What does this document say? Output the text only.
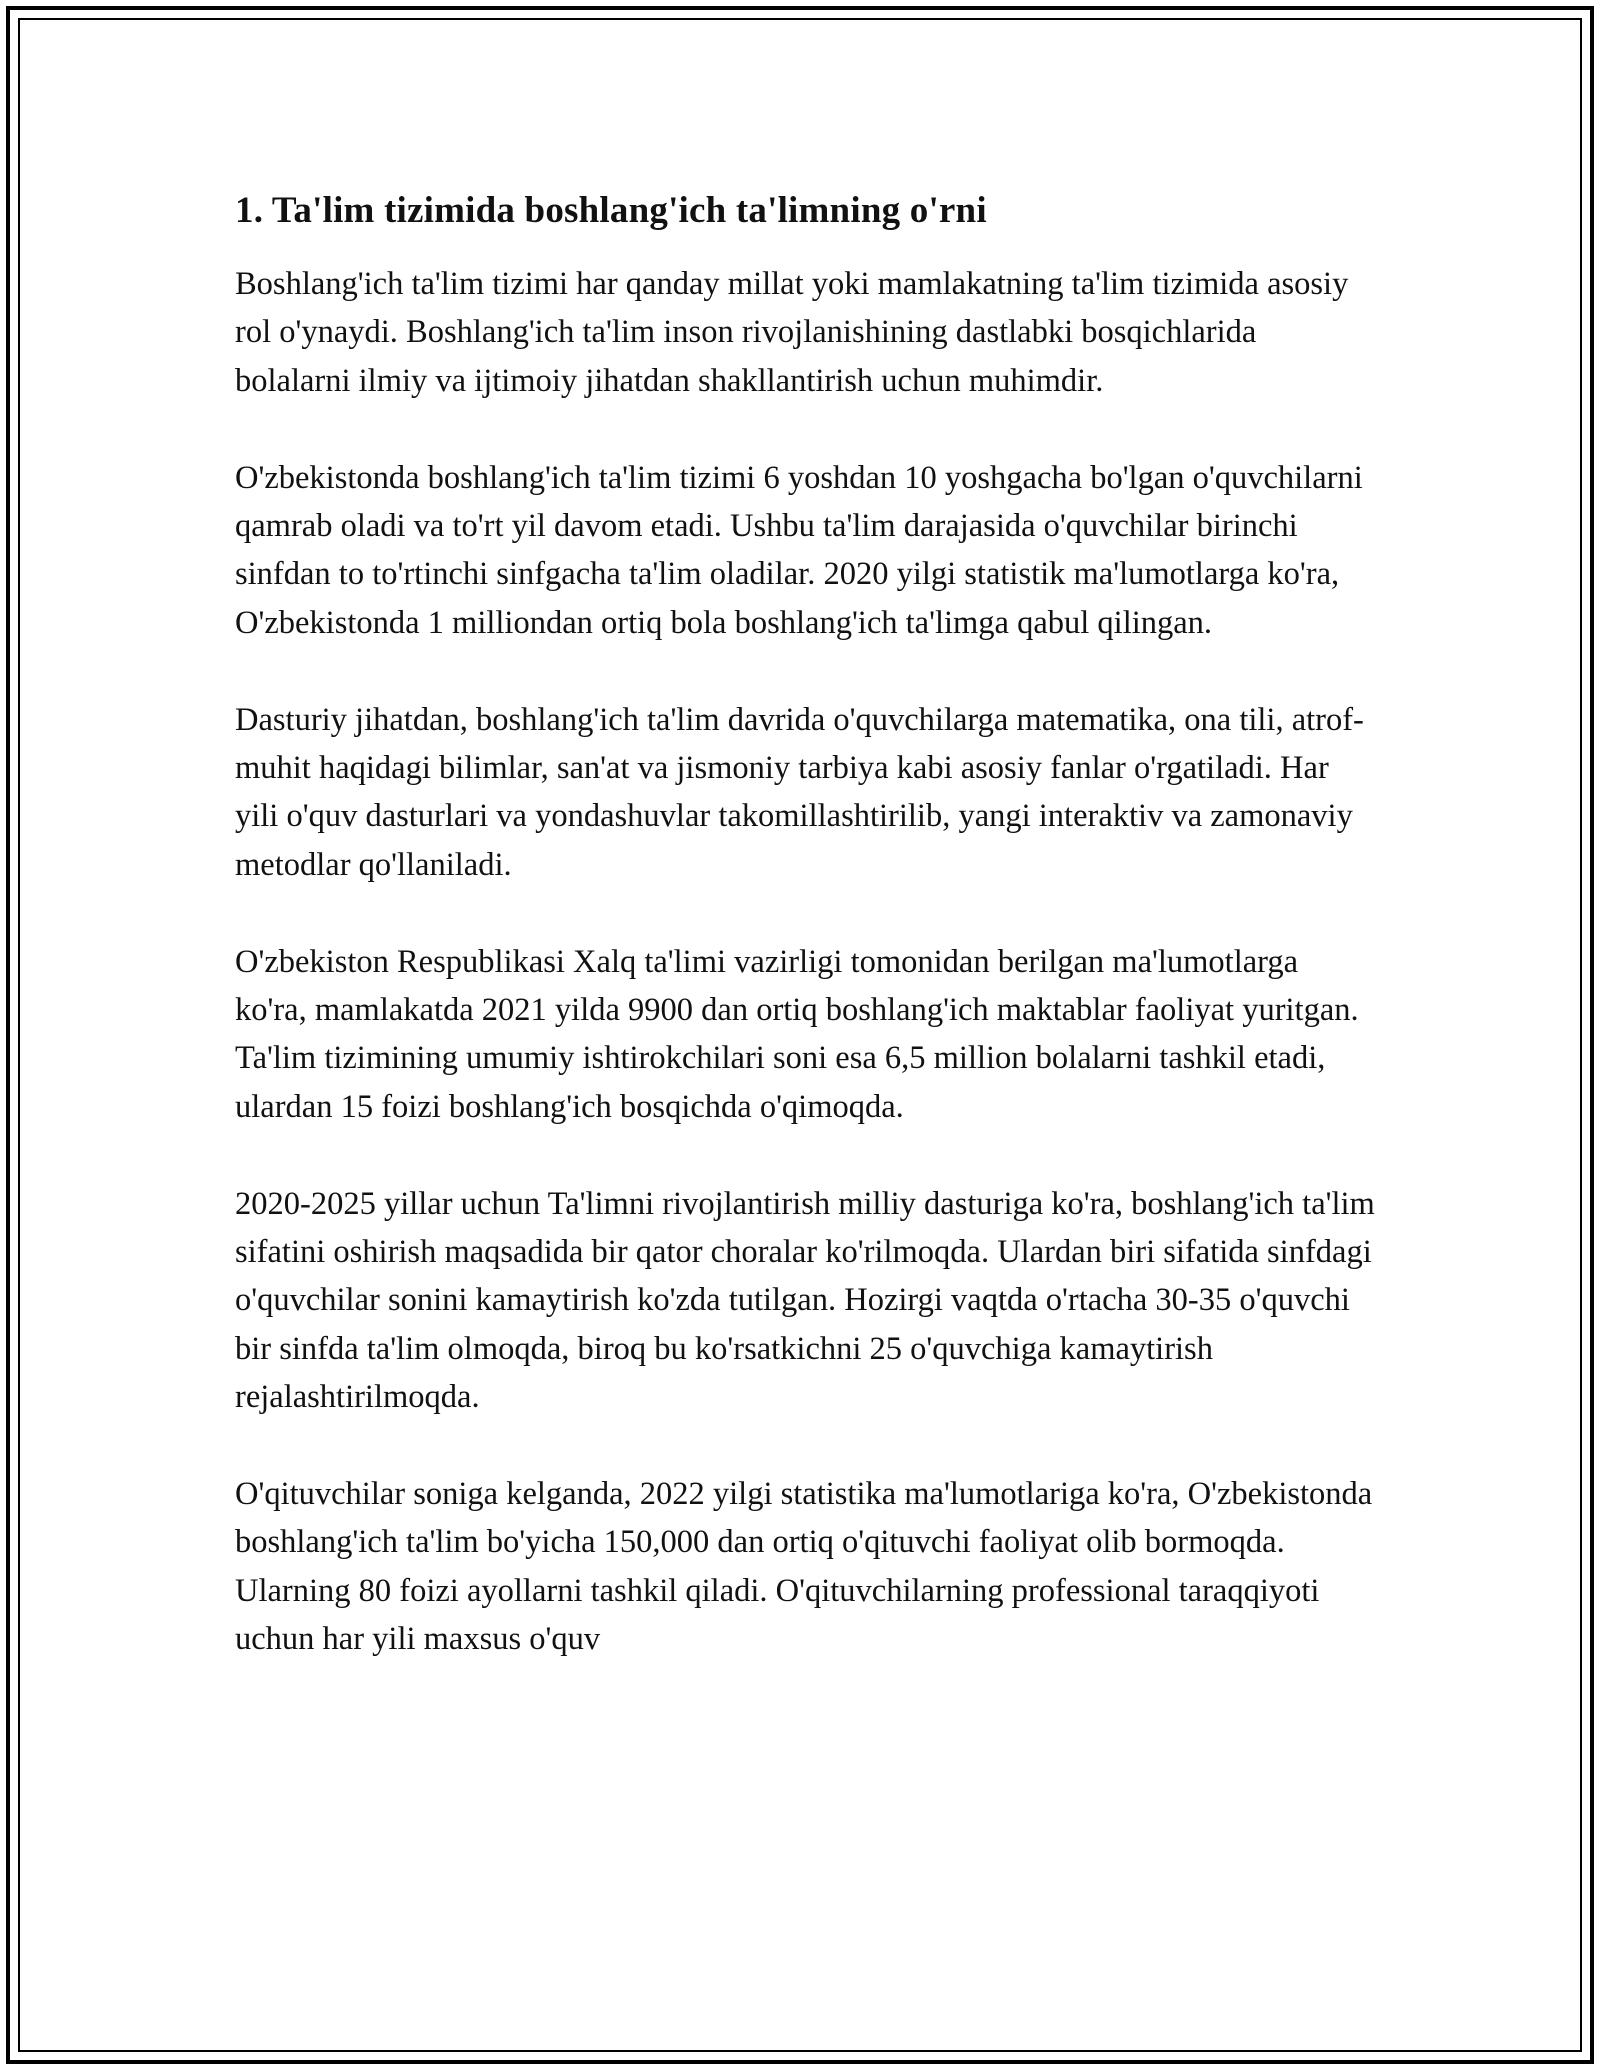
1. Ta'lim tizimida boshlang'ich ta'limning o'rni

Boshlang'ich ta'lim tizimi har qanday millat yoki mamlakatning ta'lim tizimida asosiy rol o'ynaydi. Boshlang'ich ta'lim inson rivojlanishining dastlabki bosqichlarida bolalarni ilmiy va ijtimoiy jihatdan shakllantirish uchun muhimdir.

O'zbekistonda boshlang'ich ta'lim tizimi 6 yoshdan 10 yoshgacha bo'lgan o'quvchilarni qamrab oladi va to'rt yil davom etadi. Ushbu ta'lim darajasida o'quvchilar birinchi sinfdan to to'rtinchi sinfgacha ta'lim oladilar. 2020 yilgi statistik ma'lumotlarga ko'ra, O'zbekistonda 1 milliondan ortiq bola boshlang'ich ta'limga qabul qilingan.

Dasturiy jihatdan, boshlang'ich ta'lim davrida o'quvchilarga matematika, ona tili, atrof-muhit haqidagi bilimlar, san'at va jismoniy tarbiya kabi asosiy fanlar o'rgatiladi. Har yili o'quv dasturlari va yondashuvlar takomillashtirilib, yangi interaktiv va zamonaviy metodlar qo'llaniladi.

O'zbekiston Respublikasi Xalq ta'limi vazirligi tomonidan berilgan ma'lumotlarga ko'ra, mamlakatda 2021 yilda 9900 dan ortiq boshlang'ich maktablar faoliyat yuritgan. Ta'lim tizimining umumiy ishtirokchilari soni esa 6,5 million bolalarni tashkil etadi, ulardan 15 foizi boshlang'ich bosqichda o'qimoqda.

2020-2025 yillar uchun Ta'limni rivojlantirish milliy dasturiga ko'ra, boshlang'ich ta'lim sifatini oshirish maqsadida bir qator choralar ko'rilmoqda. Ulardan biri sifatida sinfdagi o'quvchilar sonini kamaytirish ko'zda tutilgan. Hozirgi vaqtda o'rtacha 30-35 o'quvchi bir sinfda ta'lim olmoqda, biroq bu ko'rsatkichni 25 o'quvchiga kamaytirish rejalashtirilmoqda.

O'qituvchilar soniga kelganda, 2022 yilgi statistika ma'lumotlariga ko'ra, O'zbekistonda boshlang'ich ta'lim bo'yicha 150,000 dan ortiq o'qituvchi faoliyat olib bormoqda. Ularning 80 foizi ayollarni tashkil qiladi. O'qituvchilarning professional taraqqiyoti uchun har yili maxsus o'quv
